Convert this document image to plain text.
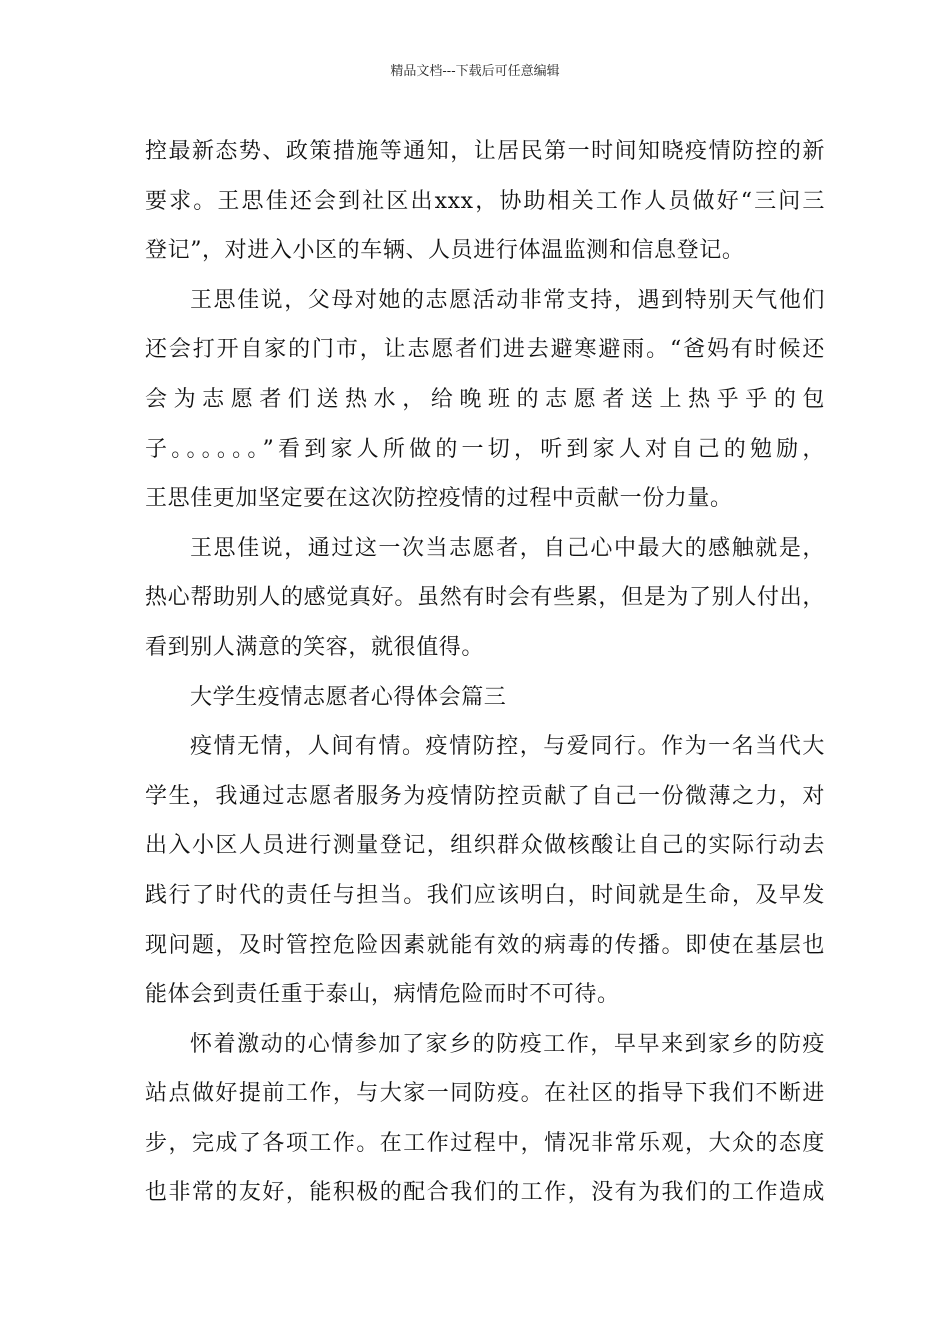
精品文档---下载后可任意编辑
控最新态势、政策措施等通知，让居民第一时间知晓疫情防控的新
要求。王思佳还会到社区出xxx，协助相关工作人员做好“三问三
登记”，对进入小区的车辆、人员进行体温监测和信息登记。
王思佳说，父母对她的志愿活动非常支持，遇到特别天气他们
还会打开自家的门市，让志愿者们进去避寒避雨。“爸妈有时候还
会为志愿者们送热水，给晚班的志愿者送上热乎乎的包
子。。。。。。”看到家人所做的一切，听到家人对自己的勉励，
王思佳更加坚定要在这次防控疫情的过程中贡献一份力量。
王思佳说，通过这一次当志愿者，自己心中最大的感触就是，
热心帮助别人的感觉真好。虽然有时会有些累，但是为了别人付出，
看到别人满意的笑容，就很值得。
大学生疫情志愿者心得体会篇三
疫情无情，人间有情。疫情防控，与爱同行。作为一名当代大
学生，我通过志愿者服务为疫情防控贡献了自己一份微薄之力，对
出入小区人员进行测量登记，组织群众做核酸让自己的实际行动去
践行了时代的责任与担当。我们应该明白，时间就是生命，及早发
现问题，及时管控危险因素就能有效的病毒的传播。即使在基层也
能体会到责任重于泰山，病情危险而时不可待。
怀着激动的心情参加了家乡的防疫工作，早早来到家乡的防疫
站点做好提前工作，与大家一同防疫。在社区的指导下我们不断进
步，完成了各项工作。在工作过程中，情况非常乐观，大众的态度
也非常的友好，能积极的配合我们的工作，没有为我们的工作造成
